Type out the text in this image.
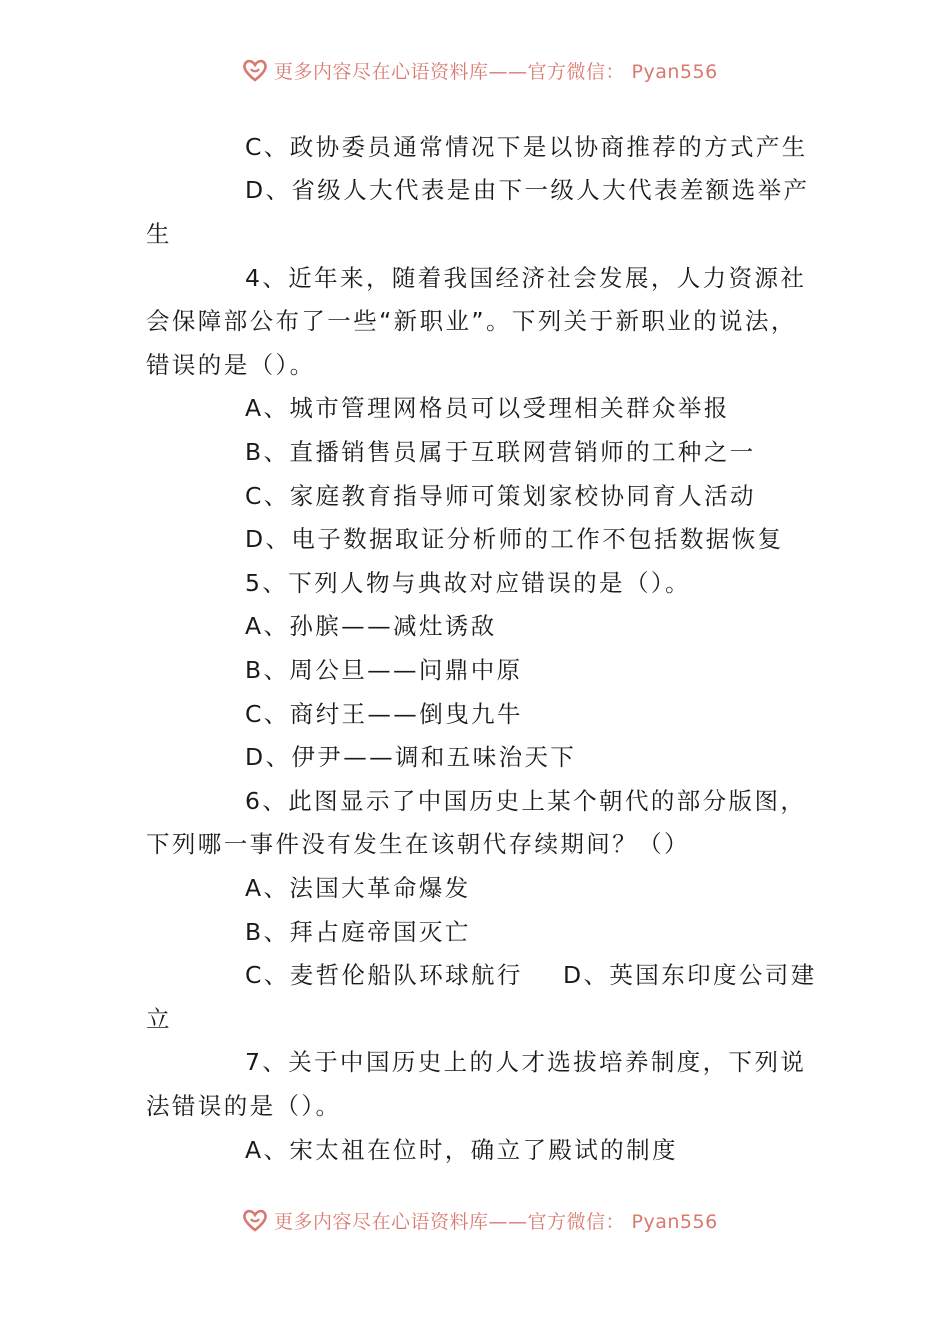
更多内容尽在心语资料库——官方微信： Pyan556
C、政协委员通常情况下是以协商推荐的方式产生
D、省级人大代表是由下一级人大代表差额选举产
生
4、近年来，随着我国经济社会发展，人力资源社
会保障部公布了一些“新职业”。下列关于新职业的说法，
错误的是（）。
A、城市管理网格员可以受理相关群众举报
B、直播销售员属于互联网营销师的工种之一
C、家庭教育指导师可策划家校协同育人活动
D、电子数据取证分析师的工作不包括数据恢复
5、下列人物与典故对应错误的是（）。
A、孙膑——减灶诱敌
B、周公旦——问鼎中原
C、商纣王——倒曳九牛
D、伊尹——调和五味治天下
6、此图显示了中国历史上某个朝代的部分版图，
下列哪一事件没有发生在该朝代存续期间？（）
A、法国大革命爆发
B、拜占庭帝国灭亡
C、麦哲伦船队环球航行 D、英国东印度公司建
立
7、关于中国历史上的人才选拔培养制度，下列说
法错误的是（）。
A、宋太祖在位时，确立了殿试的制度
更多内容尽在心语资料库——官方微信： Pyan556
